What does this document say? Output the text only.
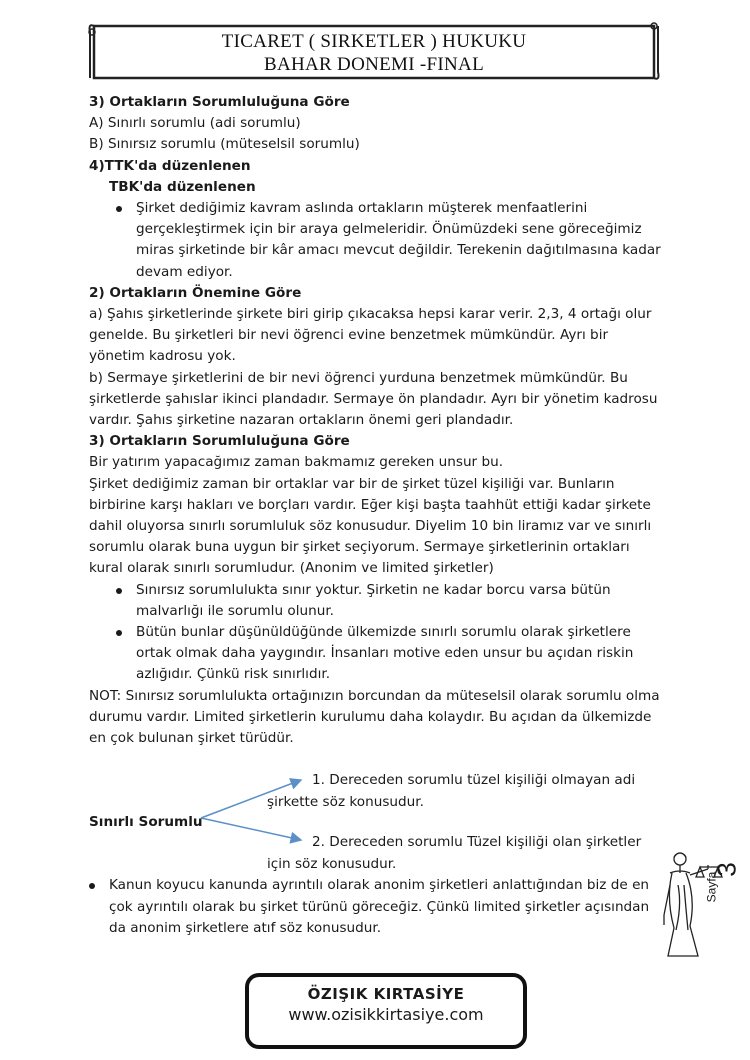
TICARET ( SIRKETLER ) HUKUKU
BAHAR DONEMI -FINAL

3) Ortakların Sorumluluğuna Göre

A) Sınırlı sorumlu (adi sorumlu)

B) Sınırsız sorumlu (müteselsil sorumlu)

4)TTK'da düzenlenen

TBK'da düzenlenen

Şirket dediğimiz kavram aslında ortakların müşterek menfaatlerini gerçekleştirmek için bir araya gelmeleridir. Önümüzdeki sene göreceğimiz miras şirketinde bir kâr amacı mevcut değildir. Terekenin dağıtılmasına kadar devam ediyor.

2) Ortakların Önemine Göre

a) Şahıs şirketlerinde şirkete biri girip çıkacaksa hepsi karar verir. 2,3, 4 ortağı olur genelde. Bu şirketleri bir nevi öğrenci evine benzetmek mümkündür. Ayrı bir yönetim kadrosu yok.

b) Sermaye şirketlerini de bir nevi öğrenci yurduna benzetmek mümkündür. Bu şirketlerde şahıslar ikinci plandadır. Sermaye ön plandadır. Ayrı bir yönetim kadrosu vardır. Şahıs şirketine nazaran ortakların önemi geri plandadır.

3) Ortakların Sorumluluğuna Göre

Bir yatırım yapacağımız zaman bakmamız gereken unsur bu.

Şirket dediğimiz zaman bir ortaklar var bir de şirket tüzel kişiliği var. Bunların birbirine karşı hakları ve borçları vardır. Eğer kişi başta taahhüt ettiği kadar şirkete dahil oluyorsa sınırlı sorumluluk söz konusudur. Diyelim 10 bin liramız var ve sınırlı sorumlu olarak buna uygun bir şirket seçiyorum. Sermaye şirketlerinin ortakları kural olarak sınırlı sorumludur. (Anonim ve limited şirketler)

Sınırsız sorumlulukta sınır yoktur. Şirketin ne kadar borcu varsa bütün malvarlığı ile sorumlu olunur.
Bütün bunlar düşünüldüğünde ülkemizde sınırlı sorumlu olarak şirketlere ortak olmak daha yaygındır. İnsanları motive eden unsur bu açıdan riskin azlığıdır. Çünkü risk sınırlıdır.

NOT: Sınırsız sorumlulukta ortağınızın borcundan da müteselsil olarak sorumlu olma durumu vardır. Limited şirketlerin kurulumu daha kolaydır. Bu açıdan da ülkemizde en çok bulunan şirket türüdür.

1. Dereceden sorumlu tüzel kişiliği olmayan adi şirkette söz konusudur.
Sınırlı Sorumlu
2. Dereceden sorumlu Tüzel kişiliği olan şirketler için söz konusudur.
Kanun koyucu kanunda ayrıntılı olarak anonim şirketleri anlattığından biz de en çok ayrıntılı olarak bu şirket türünü göreceğiz. Çünkü limited şirketler açısından da anonim şirketlere atıf söz konusudur.
3
Sayfa
ÖZIŞIK KIRTASİYE
www.ozisikkirtasiye.com
